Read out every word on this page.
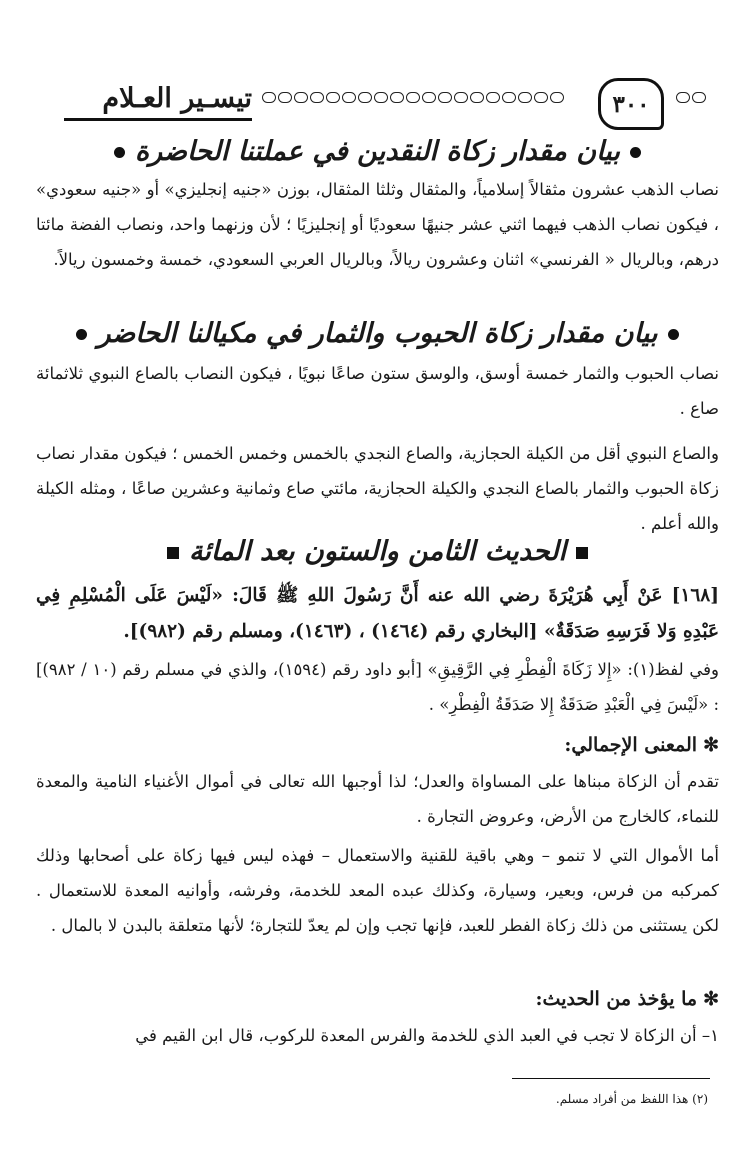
٣٠٠
تيسـير العـلام
بيان مقدار زكاة النقدين في عملتنا الحاضرة

نصاب الذهب عشرون مثقالاً إسلامياً، والمثقال وثلثا المثقال، بوزن «جنيه إنجليزي» أو «جنيه سعودي» ، فيكون نصاب الذهب فيهما اثني عشر جنيهًا سعوديًا أو إنجليزيًا ؛ لأن وزنهما واحد، ونصاب الفضة مائتا درهم، وبالريال « الفرنسي» اثنان وعشرون ريالاً، وبالريال العربي السعودي، خمسة وخمسون ريالاً.

بيان مقدار زكاة الحبوب والثمار في مكيالنا الحاضر

نصاب الحبوب والثمار خمسة أوسق، والوسق ستون صاعًا نبويًا ، فيكون النصاب بالصاع النبوي ثلاثمائة صاع .

والصاع النبوي أقل من الكيلة الحجازية، والصاع النجدي بالخمس وخمس الخمس ؛ فيكون مقدار نصاب زكاة الحبوب والثمار بالصاع النجدي والكيلة الحجازية، مائتي صاع وثمانية وعشرين صاعًا ، ومثله الكيلة والله أعلم .

الحديث الثامن والستون بعد المائة

[١٦٨] عَنْ أَبِي هُرَيْرَةَ رضي الله عنه أَنَّ رَسُولَ اللهِ ﷺ قَالَ: «لَيْسَ عَلَى الْمُسْلِمِ فِي عَبْدِهِ وَلا فَرَسِهِ صَدَقَةٌ» [البخاري رقم (١٤٦٤) ، (١٤٦٣)، ومسلم رقم (٩٨٢)].

وفي لفظ(١): «إِلا زَكَاةَ الْفِطْرِ فِي الرَّقِيقِ» [أبو داود رقم (١٥٩٤)، والذي في مسلم رقم (١٠ / ٩٨٢)] : «لَيْسَ فِي الْعَبْدِ صَدَقَةٌ إِلا صَدَقَةُ الْفِطْرِ» .

✻المعنى الإجمالي:

تقدم أن الزكاة مبناها على المساواة والعدل؛ لذا أوجبها الله تعالى في أموال الأغنياء النامية والمعدة للنماء، كالخارج من الأرض، وعروض التجارة .

أما الأموال التي لا تنمو – وهي باقية للقنية والاستعمال – فهذه ليس فيها زكاة على أصحابها وذلك كمركبه من فرس، وبعير، وسيارة، وكذلك عبده المعد للخدمة، وفرشه، وأوانيه المعدة للاستعمال . لكن يستثنى من ذلك زكاة الفطر للعبد، فإنها تجب وإن لم يعدّ للتجارة؛ لأنها متعلقة بالبدن لا بالمال .

✻ما يؤخذ من الحديث:

١– أن الزكاة لا تجب في العبد الذي للخدمة والفرس المعدة للركوب، قال ابن القيم في

(٢) هذا اللفظ من أفراد مسلم.
